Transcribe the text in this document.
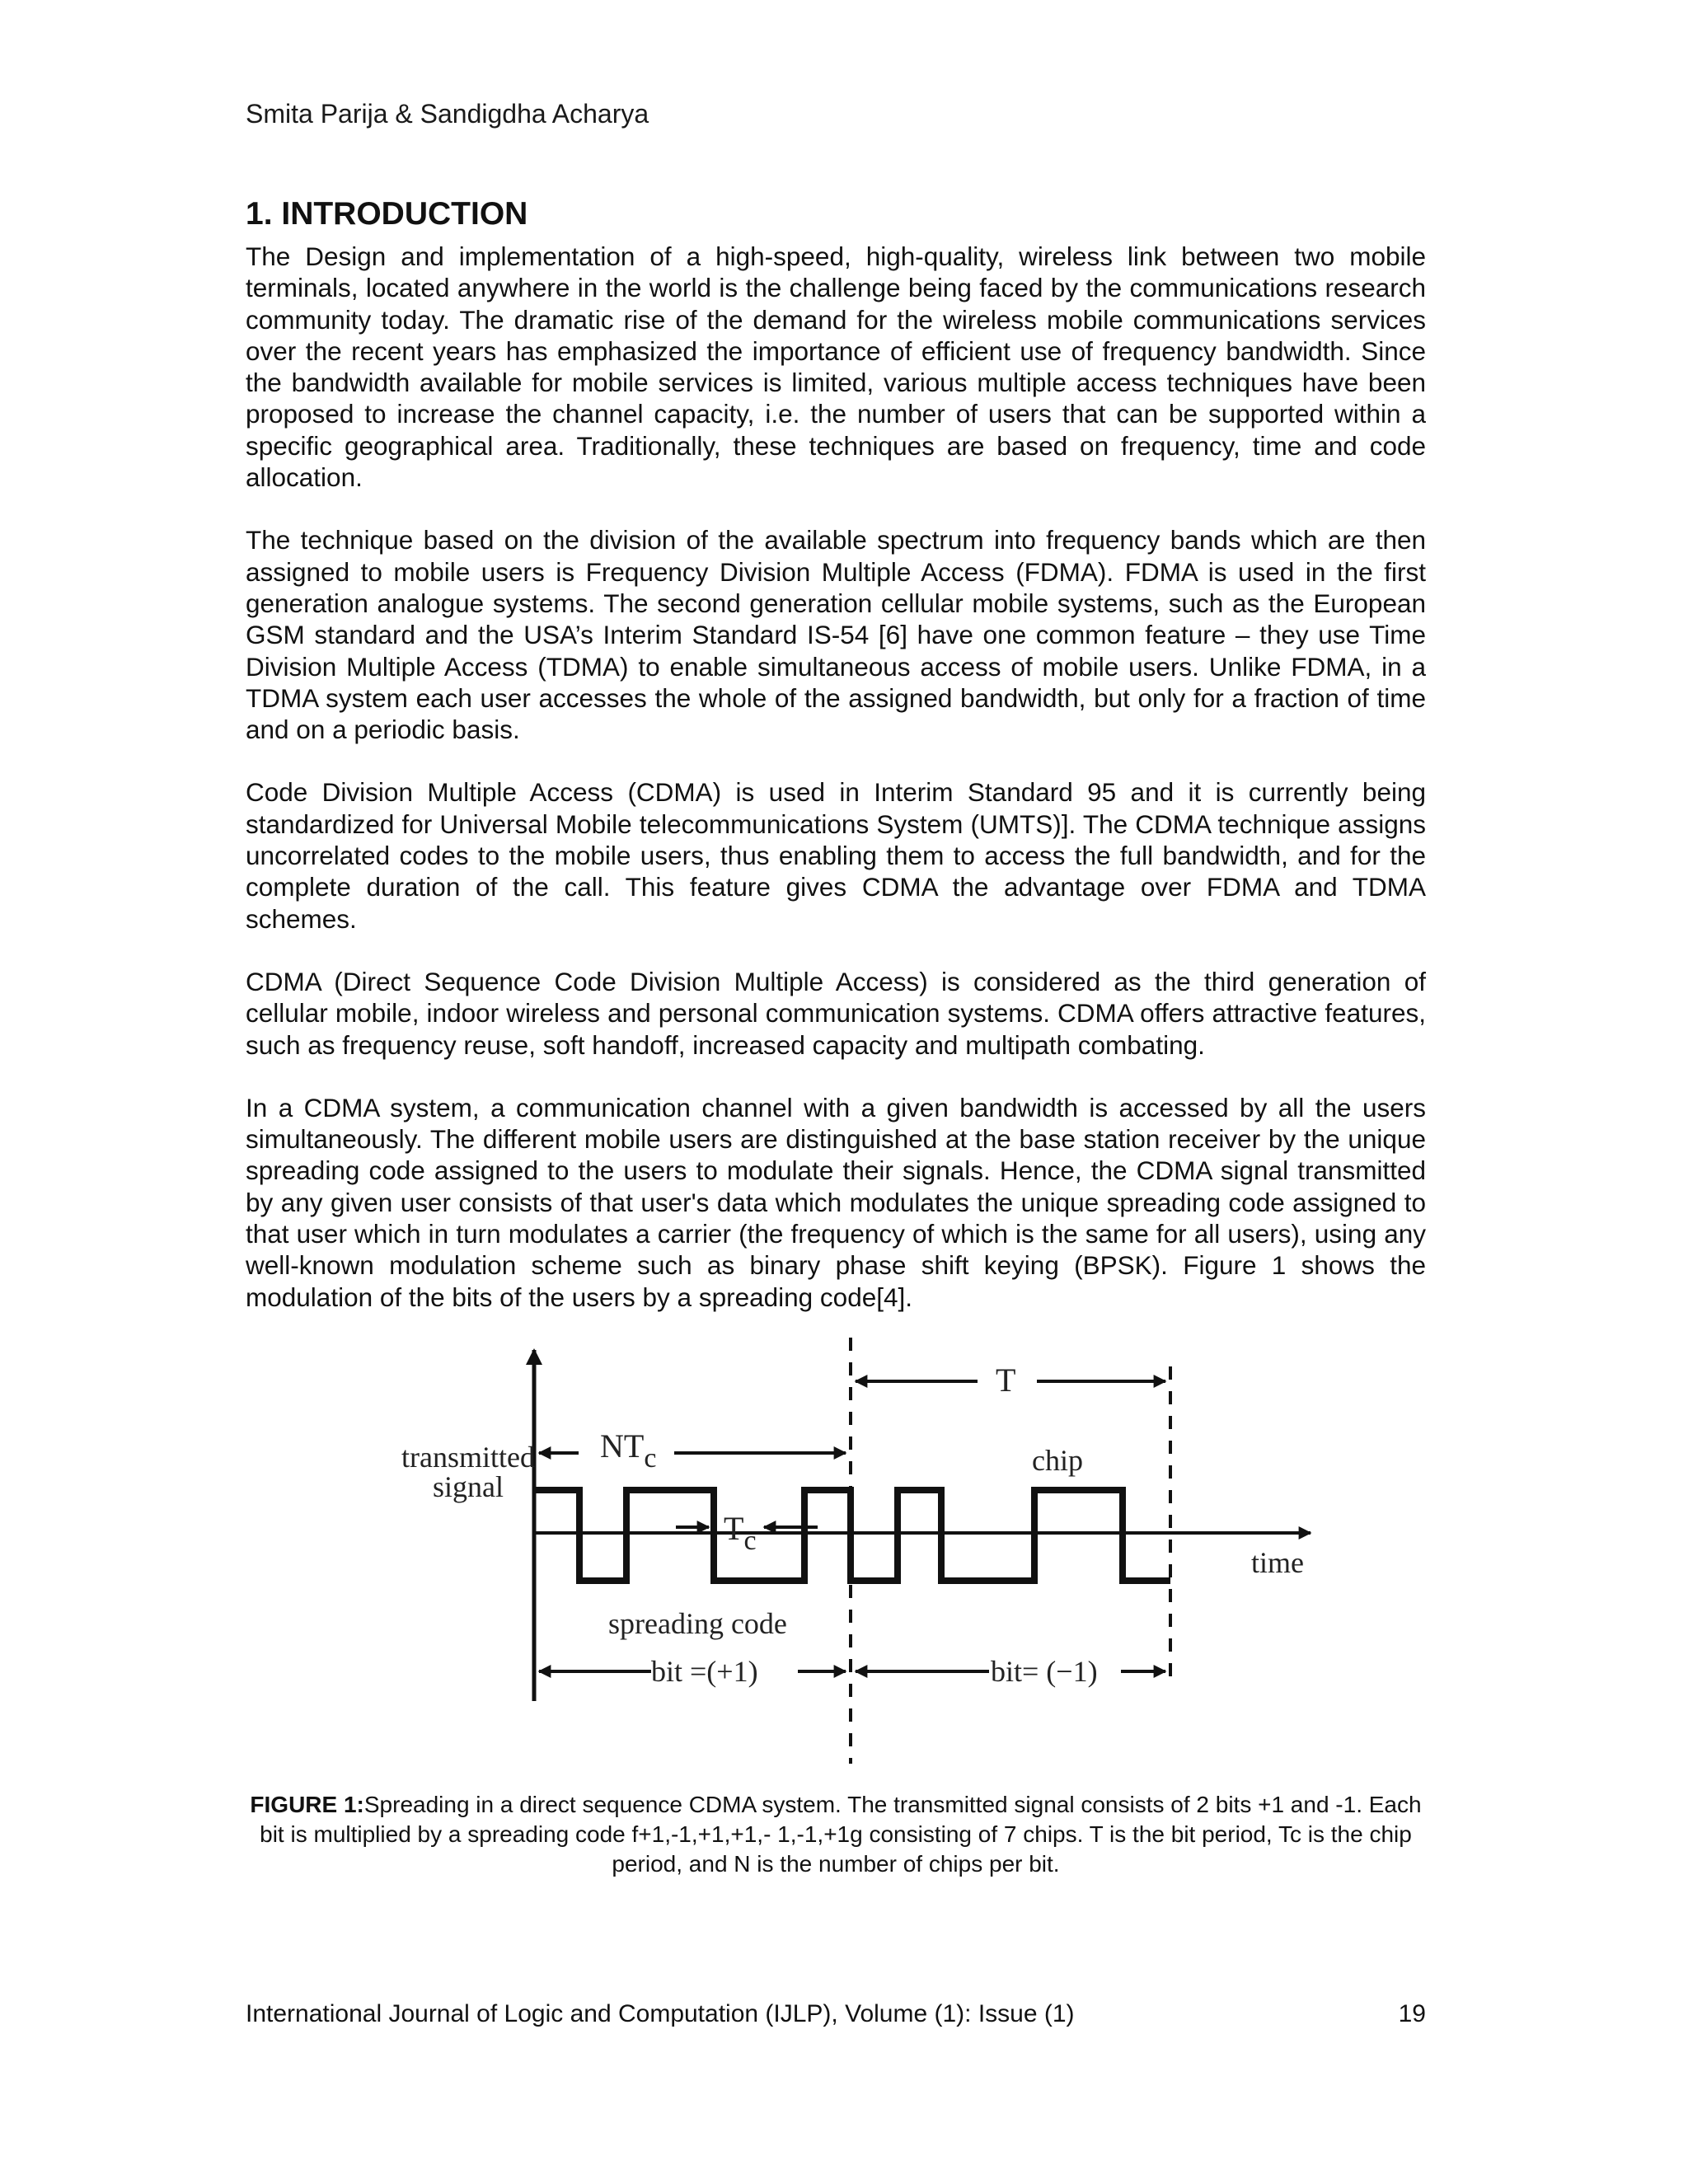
Smita Parija & Sandigdha Acharya
1. INTRODUCTION

The Design and implementation of a high-speed, high-quality, wireless link between two mobile terminals, located anywhere in the world is the challenge being faced by the communications research community today. The dramatic rise of the demand for the wireless mobile communications services over the recent years has emphasized the importance of efficient use of frequency bandwidth. Since the bandwidth available for mobile services is limited, various multiple access techniques have been proposed to increase the channel capacity, i.e. the number of users that can be supported within a specific geographical area. Traditionally, these techniques are based on frequency, time and code allocation.

The technique based on the division of the available spectrum into frequency bands which are then assigned to mobile users is Frequency Division Multiple Access (FDMA). FDMA is used in the first generation analogue systems. The second generation cellular mobile systems, such as the European GSM standard and the USA’s Interim Standard IS-54 [6] have one common feature – they use Time Division Multiple Access (TDMA) to enable simultaneous access of mobile users. Unlike FDMA, in a TDMA system each user accesses the whole of the assigned bandwidth, but only for a fraction of time and on a periodic basis.

Code Division Multiple Access (CDMA) is used in Interim Standard 95 and it is currently being standardized for Universal Mobile telecommunications System (UMTS)]. The CDMA technique assigns uncorrelated codes to the mobile users, thus enabling them to access the full bandwidth, and for the complete duration of the call. This feature gives CDMA the advantage over FDMA and TDMA schemes.

CDMA (Direct Sequence Code Division Multiple Access) is considered as the third generation of cellular mobile, indoor wireless and personal communication systems. CDMA offers attractive features, such as frequency reuse, soft handoff, increased capacity and multipath combating.

In a CDMA system, a communication channel with a given bandwidth is accessed by all the users simultaneously. The different mobile users are distinguished at the base station receiver by the unique spreading code assigned to the users to modulate their signals. Hence, the CDMA signal transmitted by any given user consists of that user's data which modulates the unique spreading code assigned to that user which in turn modulates a carrier (the frequency of which is the same for all users), using any well-known modulation scheme such as binary phase shift keying (BPSK). Figure 1 shows the modulation of the bits of the users by a spreading code[4].

$NT_c$
T
$T_c$
transmitted
signal
chip
time
spreading code
bit =(+1)	bit= (−1)
FIGURE 1:Spreading in a direct sequence CDMA system. The transmitted signal consists of 2 bits +1 and -1. Each bit is multiplied by a spreading code f+1,-1,+1,+1,- 1,-1,+1g consisting of 7 chips. T is the bit period, Tc is the chip period, and N is the number of chips per bit.
International Journal of Logic and Computation (IJLP), Volume (1): Issue (1)	19
